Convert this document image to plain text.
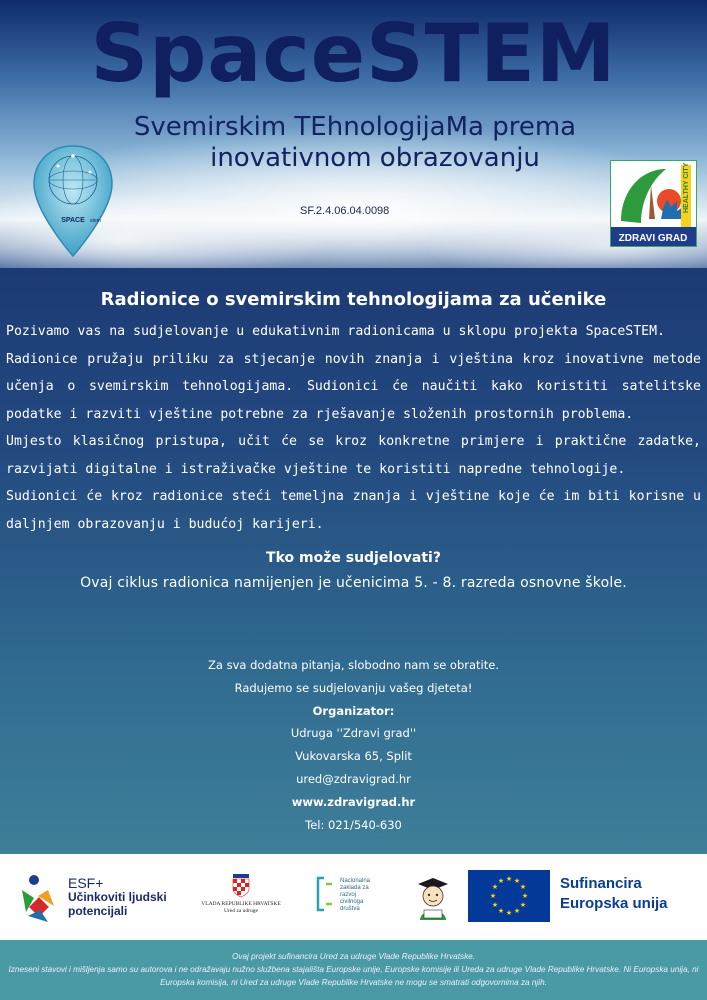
SpaceSTEM
Svemirskim TEhnologijaMa prema
inovativnom obrazovanju
SF.2.4.06.04.0098
SPACE stem
HEALTHY CITY
ZDRAVI GRAD
Radionice o svemirskim tehnologijama za učenike

Pozivamo vas na sudjelovanje u edukativnim radionicama u sklopu projekta SpaceSTEM.

Radionice pružaju priliku za stjecanje novih znanja i vještina kroz inovativne metode učenja o svemirskim tehnologijama. Sudionici će naučiti kako koristiti satelitske podatke i razviti vještine potrebne za rješavanje složenih prostornih problema.

Umjesto klasičnog pristupa, učit će se kroz konkretne primjere i praktične zadatke, razvijati digitalne i istraživačke vještine te koristiti napredne tehnologije.

Sudionici će kroz radionice steći temeljna znanja i vještine koje će im biti korisne u daljnjem obrazovanju i budućoj karijeri.

Tko može sudjelovati?
Ovaj ciklus radionica namijenjen je učenicima 5. - 8. razreda osnovne škole.
Za sva dodatna pitanja, slobodno nam se obratite.
Radujemo se sudjelovanju vašeg djeteta!
Organizator:
Udruga ''Zdravi grad''
Vukovarska 65, Split
ured@zdravigrad.hr
www.zdravigrad.hr
Tel: 021/540-630
ESF+
Učinkoviti ljudski
potencijali	VLADA REPUBLIKE HRVATSKE
Ured za udruge
Nacionalna
zaklada za
razvoj
civilnoga
društva
★ ★
★
★
★
★
★
★
★
★
★
★	Sufinancira
Europska unija

Ovaj projekt sufinancira Ured za udruge Vlade Republike Hrvatske.

Izneseni stavovi i mišljenja samo su autorova i ne odražavaju nužno službena stajališta Europske unije, Europske komisije ili Ureda za udruge Vlade Republike Hrvatske. Ni Europska unija, ni Europska komisija, ni Ured za udruge Vlade Republike Hrvatske ne mogu se smatrati odgovornima za njih.
